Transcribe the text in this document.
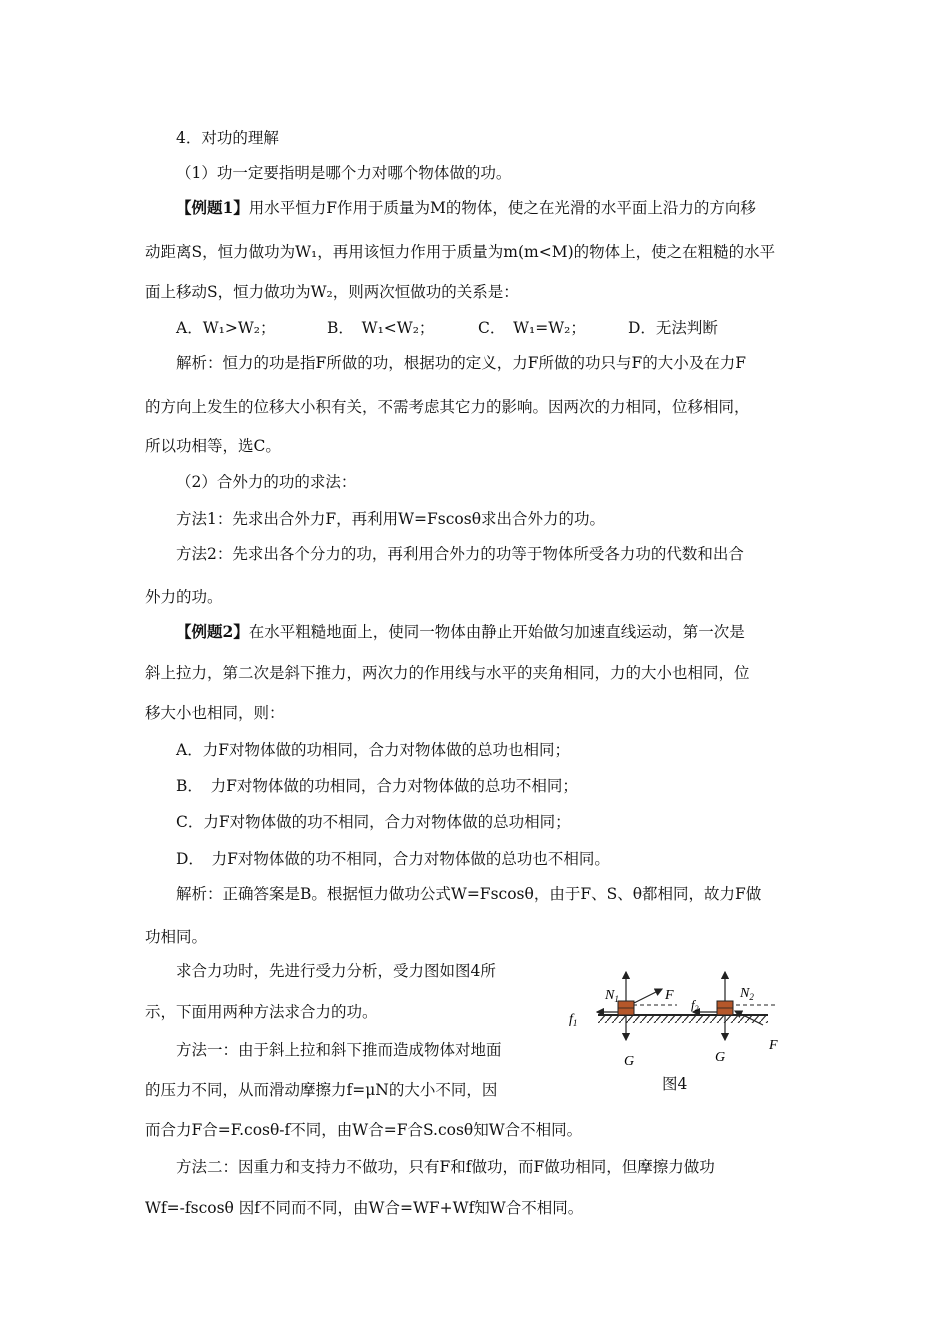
4．对功的理解
（1）功一定要指明是哪个力对哪个物体做的功。
【例题1】用水平恒力F作用于质量为M的物体，使之在光滑的水平面上沿力的方向移
动距离S，恒力做功为W₁，再用该恒力作用于质量为m(m<M)的物体上，使之在粗糙的水平
面上移动S，恒力做功为W₂，则两次恒做功的关系是：
A．W₁>W₂；	B．　W₁<W₂；	C．　W₁=W₂；	D．无法判断
解析：恒力的功是指F所做的功，根据功的定义，力F所做的功只与F的大小及在力F
的方向上发生的位移大小积有关，不需考虑其它力的影响。因两次的力相同，位移相同，
所以功相等，选C。
（2）合外力的功的求法：
方法1：先求出合外力F，再利用W=Fscosθ求出合外力的功。
方法2：先求出各个分力的功，再利用合外力的功等于物体所受各力功的代数和出合
外力的功。
【例题2】在水平粗糙地面上，使同一物体由静止开始做匀加速直线运动，第一次是
斜上拉力，第二次是斜下推力，两次力的作用线与水平的夹角相同，力的大小也相同，位
移大小也相同，则：
A．力F对物体做的功相同，合力对物体做的总功也相同；
B．　力F对物体做的功相同，合力对物体做的总功不相同；
C．力F对物体做的功不相同，合力对物体做的总功相同；
D．　力F对物体做的功不相同，合力对物体做的总功也不相同。
解析：正确答案是B。根据恒力做功公式W=Fscosθ，由于F、S、θ都相同，故力F做
功相同。
求合力功时，先进行受力分析，受力图如图4所
示，下面用两种方法求合力的功。
方法一：由于斜上拉和斜下推而造成物体对地面
的压力不同，从而滑动摩擦力f=μN的大小不同，因
而合力F合=F.cosθ-f不同，由W合=F合S.cosθ知W合不相同。
方法二：因重力和支持力不做功，只有F和f做功，而F做功相同，但摩擦力做功
Wf=-fscosθ 因f不同而不同，由W合=WF+Wf知W合不相同。
$N_1$	F	$N_2$
$f_1$
f2
G	G
F
图4
